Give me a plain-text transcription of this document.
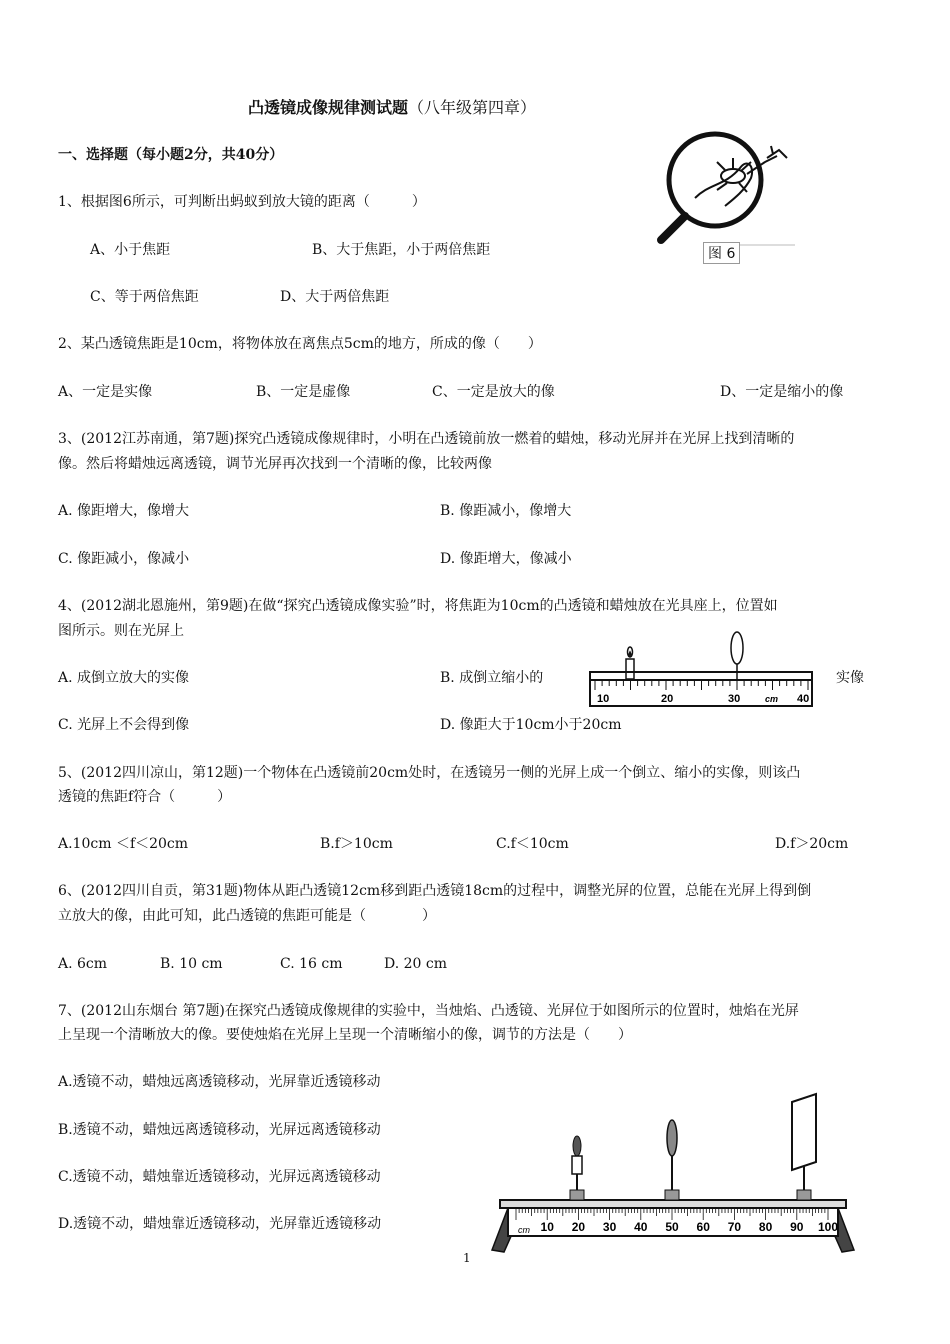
凸透镜成像规律测试题（八年级第四章）
一、选择题（每小题2分，共40分）
1、根据图6所示，可判断出蚂蚁到放大镜的距离（　　　）
A、小于焦距	B、大于焦距，小于两倍焦距
C、等于两倍焦距	D、大于两倍焦距
图 6
2、某凸透镜焦距是10cm，将物体放在离焦点5cm的地方，所成的像（　　）
A、一定是实像	B、一定是虚像	C、一定是放大的像	D、一定是缩小的像
3、(2012江苏南通，第7题)探究凸透镜成像规律时，小明在凸透镜前放一燃着的蜡烛，移动光屏并在光屏上找到清晰的
像。然后将蜡烛远离透镜，调节光屏再次找到一个清晰的像，比较两像
A. 像距增大，像增大	B. 像距减小，像增大
C. 像距减小，像减小	D. 像距增大，像减小
4、(2012湖北恩施州，第9题)在做“探究凸透镜成像实验”时，将焦距为10cm的凸透镜和蜡烛放在光具座上，位置如
图所示。则在光屏上
A. 成倒立放大的实像	B. 成倒立缩小的	实像
C. 光屏上不会得到像	D. 像距大于10cm小于20cm
10	20	30	cm 40
5、(2012四川凉山，第12题)一个物体在凸透镜前20cm处时，在透镜另一侧的光屏上成一个倒立、缩小的实像，则该凸
透镜的焦距f符合（　　　）
A.10cm ＜f＜20cm	B.f＞10cm	C.f＜10cm	D.f＞20cm
6、(2012四川自贡，第31题)物体从距凸透镜12cm移到距凸透镜18cm的过程中，调整光屏的位置，总能在光屏上得到倒
立放大的像，由此可知，此凸透镜的焦距可能是（　　　　）
A. 6cm	B. 10 cm	C. 16 cm	D. 20 cm
7、(2012山东烟台 第7题)在探究凸透镜成像规律的实验中，当烛焰、凸透镜、光屏位于如图所示的位置时，烛焰在光屏
上呈现一个清晰放大的像。要使烛焰在光屏上呈现一个清晰缩小的像，调节的方法是（　　）
A.透镜不动，蜡烛远离透镜移动，光屏靠近透镜移动
B.透镜不动，蜡烛远离透镜移动，光屏远离透镜移动
C.透镜不动，蜡烛靠近透镜移动，光屏远离透镜移动
D.透镜不动，蜡烛靠近透镜移动，光屏靠近透镜移动	cm 10 20 30 40 50 60 70 80 90 100
1
